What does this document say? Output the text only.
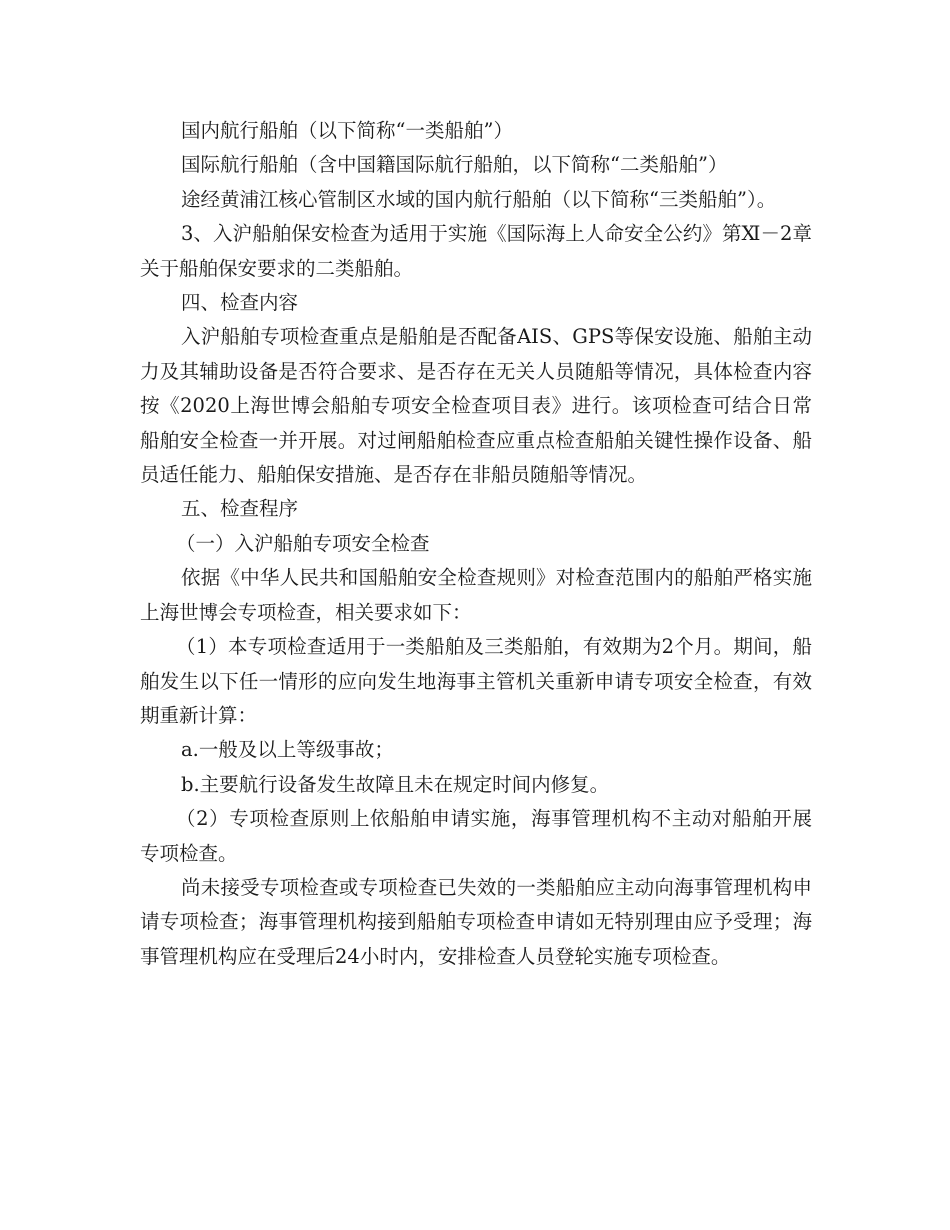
国内航行船舶（以下简称“一类船舶”）

国际航行船舶（含中国籍国际航行船舶，以下简称“二类船舶”）

途经黄浦江核心管制区水域的国内航行船舶（以下简称“三类船舶”）。

3、入沪船舶保安检查为适用于实施《国际海上人命安全公约》第Ⅺ－2章关于船舶保安要求的二类船舶。

四、检查内容

入沪船舶专项检查重点是船舶是否配备AIS、GPS等保安设施、船舶主动力及其辅助设备是否符合要求、是否存在无关人员随船等情况，具体检查内容按《2020上海世博会船舶专项安全检查项目表》进行。该项检查可结合日常船舶安全检查一并开展。对过闸船舶检查应重点检查船舶关键性操作设备、船员适任能力、船舶保安措施、是否存在非船员随船等情况。

五、检查程序

（一）入沪船舶专项安全检查

依据《中华人民共和国船舶安全检查规则》对检查范围内的船舶严格实施上海世博会专项检查，相关要求如下：

（1）本专项检查适用于一类船舶及三类船舶，有效期为2个月。期间，船舶发生以下任一情形的应向发生地海事主管机关重新申请专项安全检查，有效期重新计算：

a.一般及以上等级事故；

b.主要航行设备发生故障且未在规定时间内修复。

（2）专项检查原则上依船舶申请实施，海事管理机构不主动对船舶开展专项检查。

尚未接受专项检查或专项检查已失效的一类船舶应主动向海事管理机构申请专项检查；海事管理机构接到船舶专项检查申请如无特别理由应予受理；海事管理机构应在受理后24小时内，安排检查人员登轮实施专项检查。
